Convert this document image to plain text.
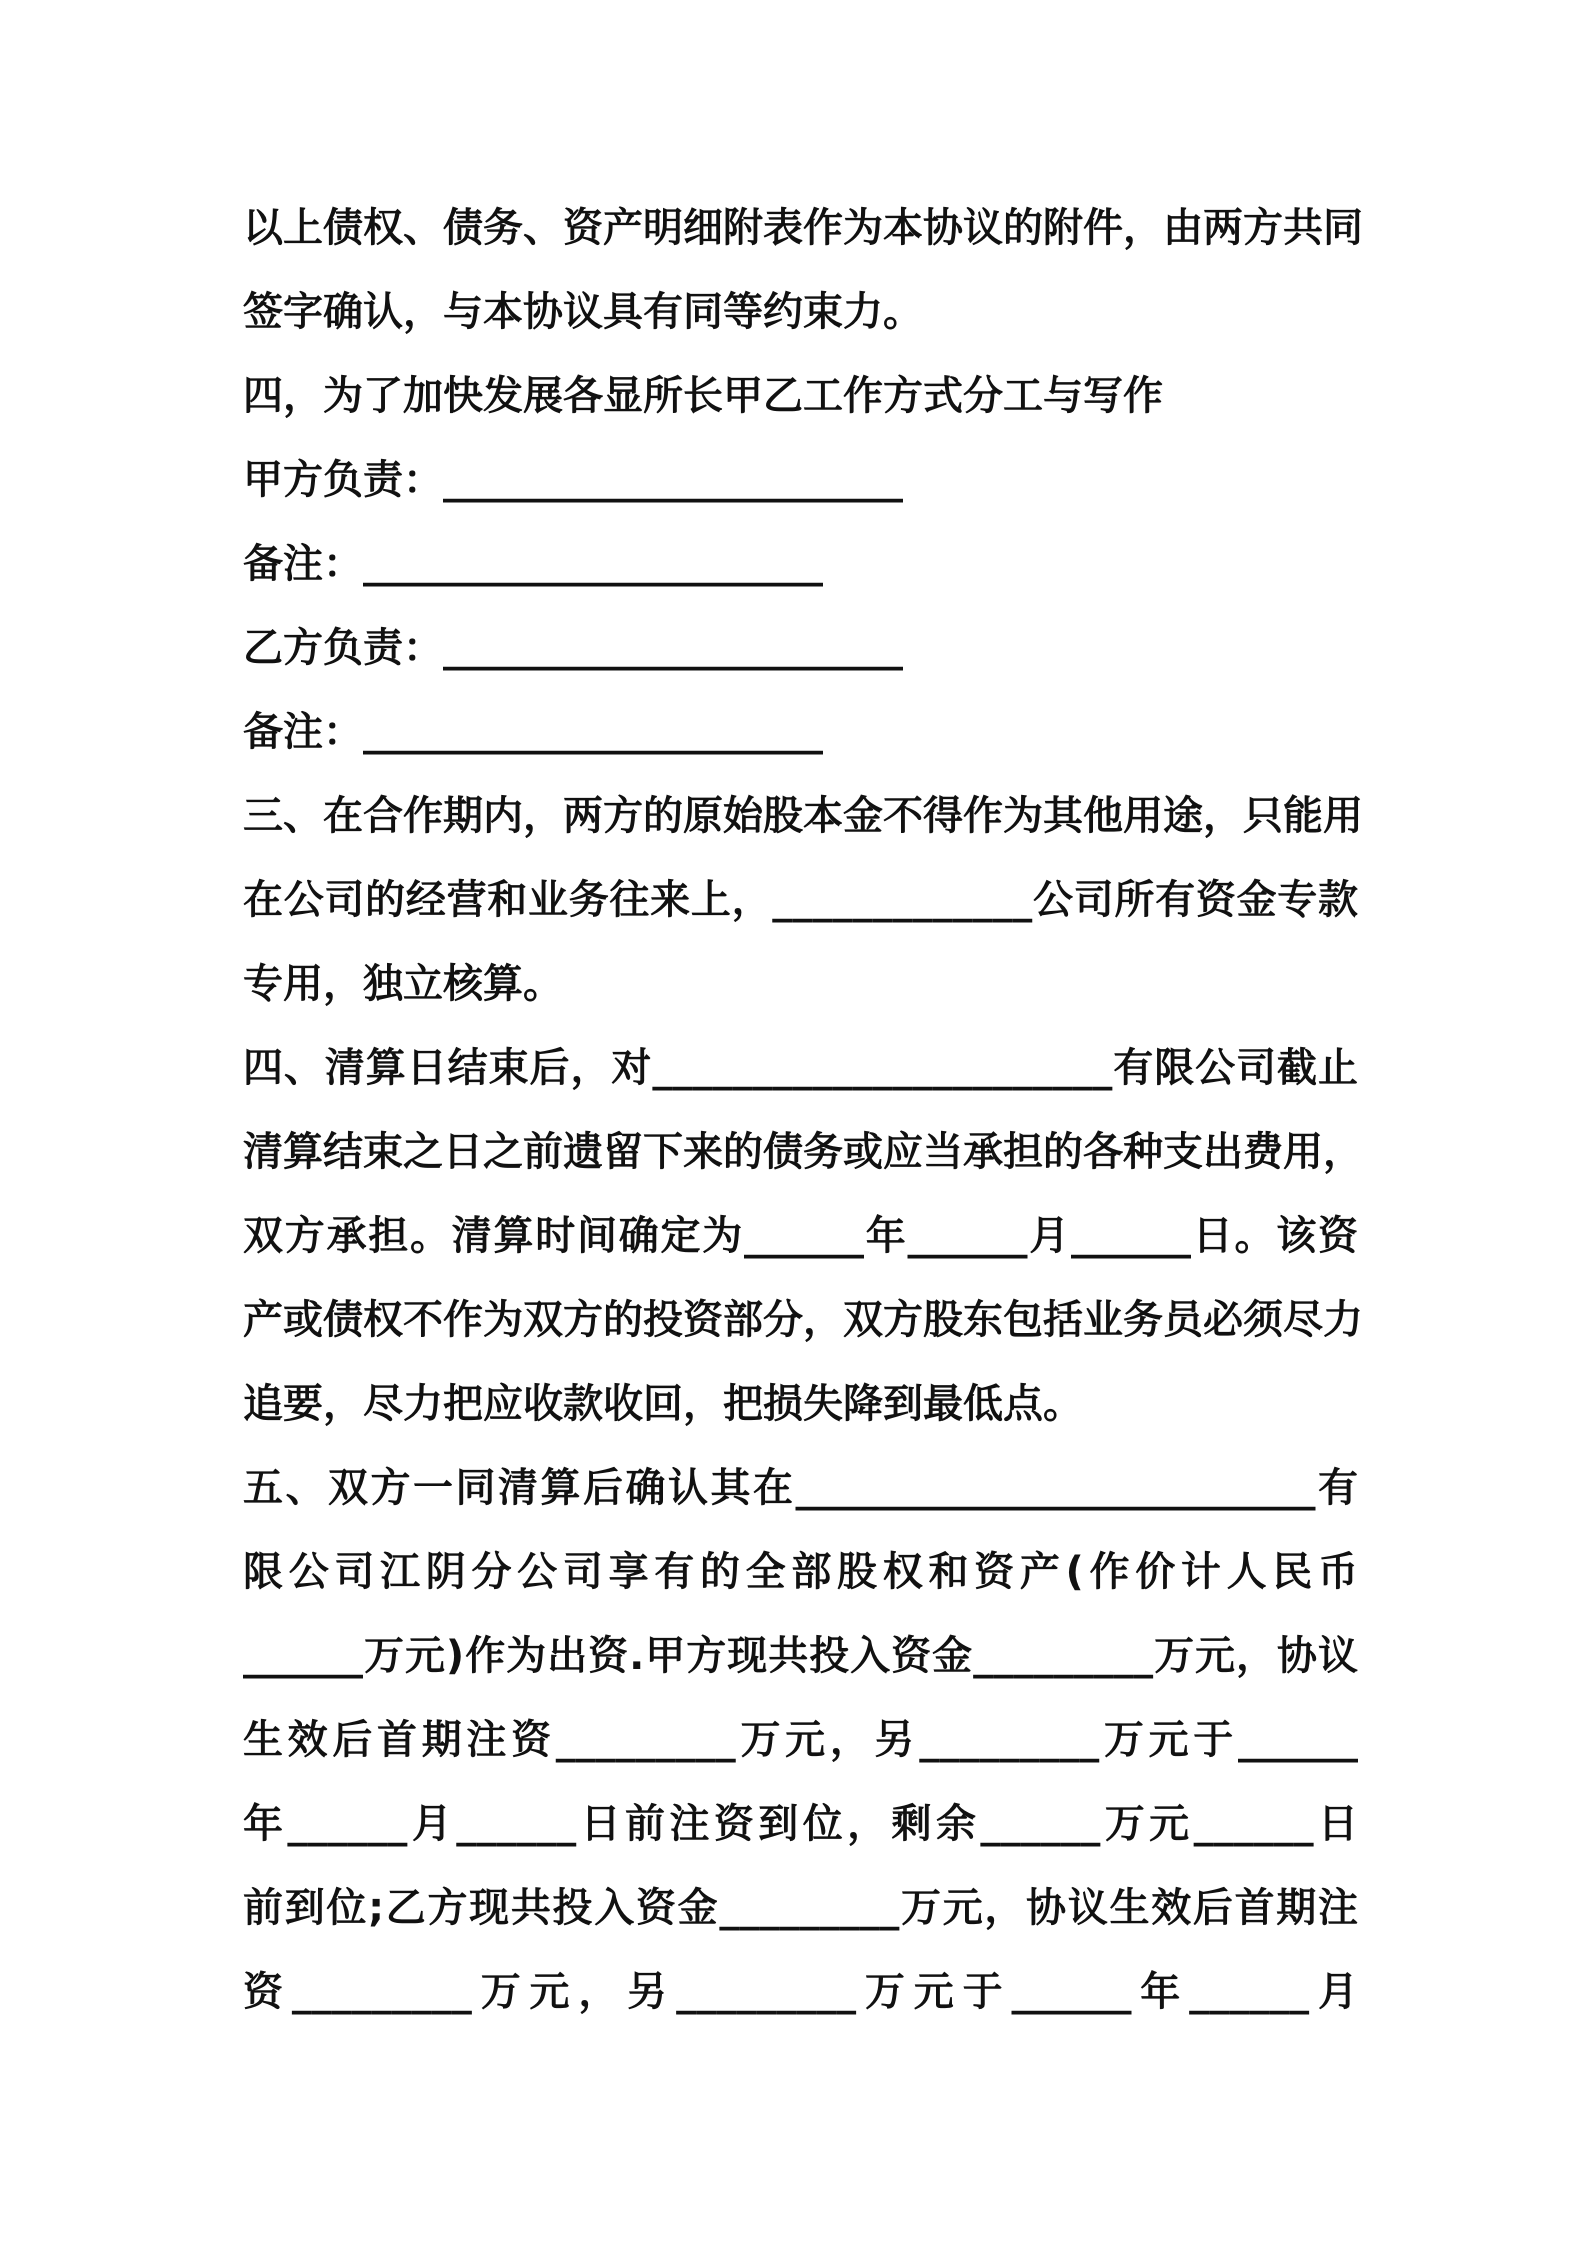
以上债权、债务、资产明细附表作为本协议的附件，由两方共同
签字确认，与本协议具有同等约束力。
四，为了加快发展各显所长甲乙工作方式分工与写作
甲方负责：_______________________
备注：_______________________
乙方负责：_______________________
备注：_______________________
三、在合作期内，两方的原始股本金不得作为其他用途，只能用
在公司的经营和业务往来上，_____________公司所有资金专款
专用，独立核算。
四、清算日结束后，对_______________________有限公司截止
清算结束之日之前遗留下来的债务或应当承担的各种支出费用，
双方承担。清算时间确定为______年______月______日。该资
产或债权不作为双方的投资部分，双方股东包括业务员必须尽力
追要，尽力把应收款收回，把损失降到最低点。
五、双方一同清算后确认其在__________________________有
限公司江阴分公司享有的全部股权和资产(作价计人民币
______万元)作为出资.甲方现共投入资金_________万元，协议
生效后首期注资_________万元，另_________万元于______
年______月______日前注资到位，剩余______万元______日
前到位;乙方现共投入资金_________万元，协议生效后首期注
资_________万元，另_________万元于______年______月
